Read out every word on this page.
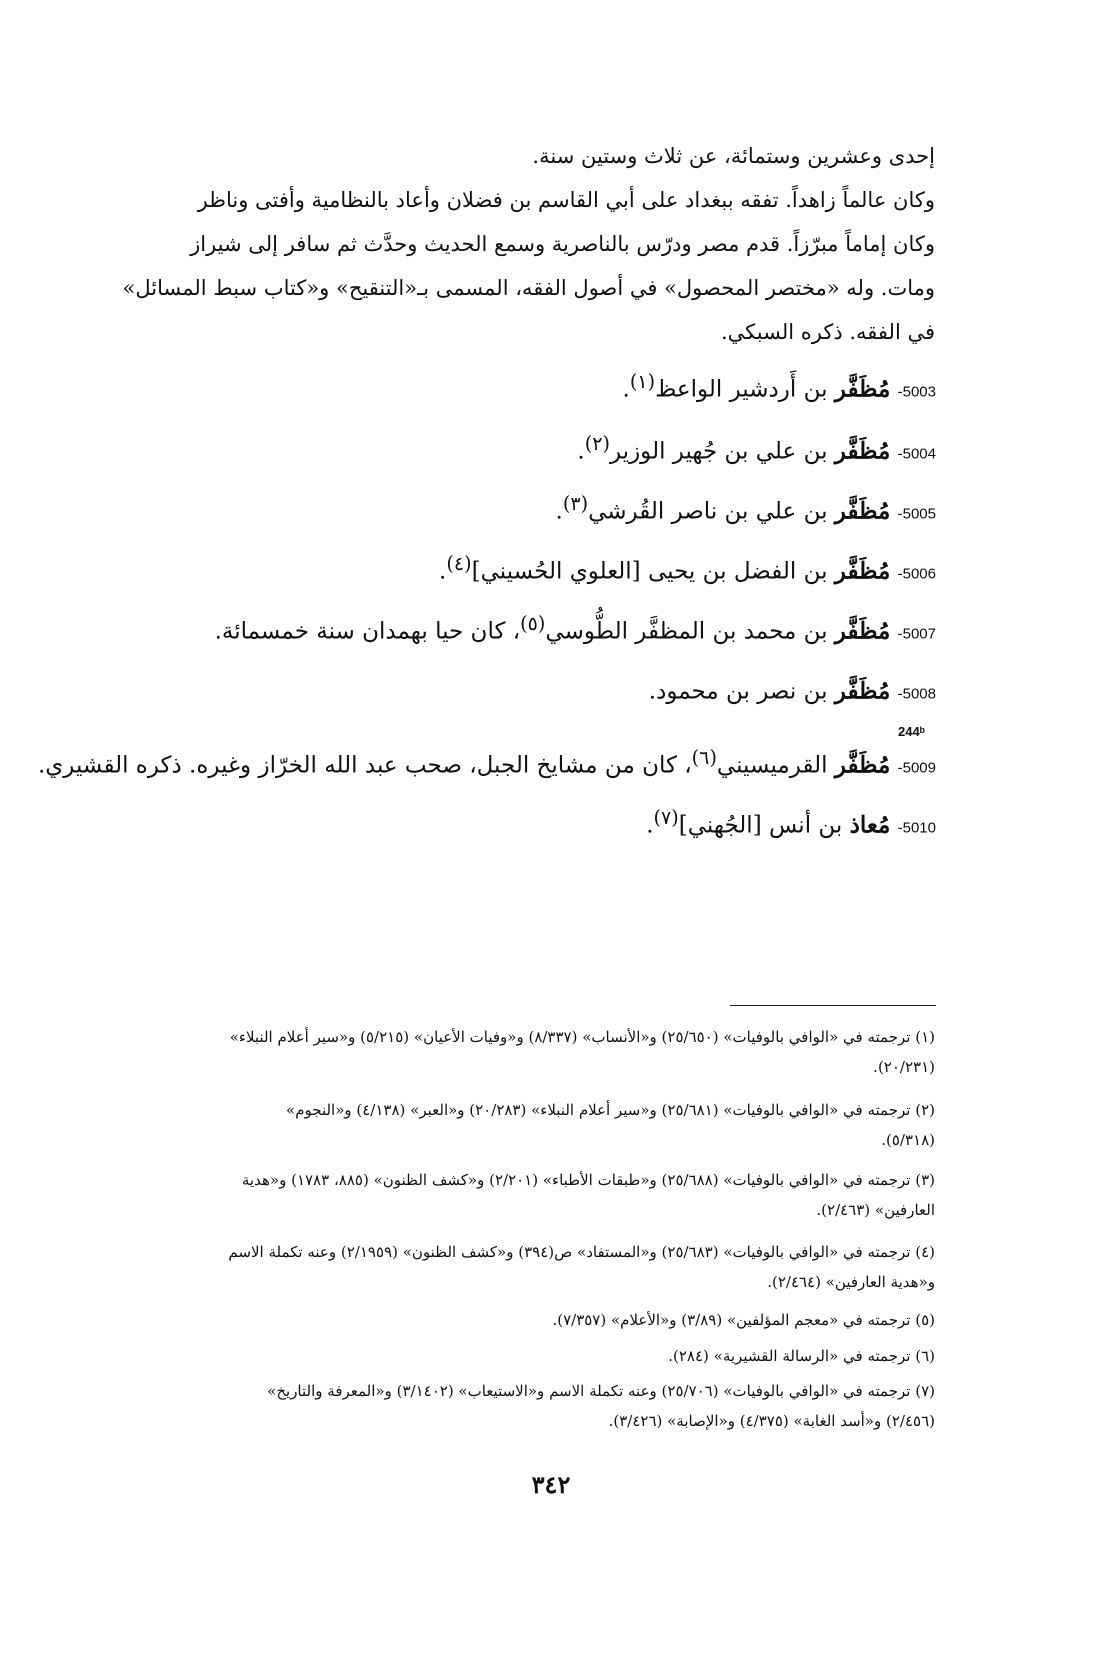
إحدى وعشرين وستمائة، عن ثلاث وستين سنة.
وكان عالماً زاهداً. تفقه ببغداد على أبي القاسم بن فضلان وأعاد بالنظامية وأفتى وناظر
وكان إماماً مبرّزاً. قدم مصر ودرّس بالناصرية وسمع الحديث وحدَّث ثم سافر إلى شيراز
ومات. وله «مختصر المحصول» في أصول الفقه، المسمى بـ«التنقيح» و«كتاب سبط المسائل»
في الفقه. ذكره السبكي.
5003- مُظَفَّر بن أَردشير الواعظ$^{(١)}$.
5004- مُظَفَّر بن علي بن جُهير الوزير$^{(٢)}$.
5005- مُظَفَّر بن علي بن ناصر القُرشي$^{(٣)}$.
5006- مُظَفَّر بن الفضل بن يحيى [العلوي الحُسيني]$^{(٤)}$.
5007- مُظَفَّر بن محمد بن المظفَّر الطُّوسي$^{(٥)}$، كان حيا بهمدان سنة خمسمائة.
5008- مُظَفَّر بن نصر بن محمود.
244ᵇ
5009- مُظَفَّر القرميسيني$^{(٦)}$، كان من مشايخ الجبل، صحب عبد الله الخرّاز وغيره. ذكره القشيري.
5010- مُعاذ بن أنس [الجُهني]$^{(٧)}$.
(١) ترجمته في «الوافي بالوفيات» (٢٥/٦٥٠) و«الأنساب» (٨/٣٣٧) و«وفيات الأعيان» (٥/٢١٥) و«سير أعلام النبلاء»
(٢٠/٢٣١).
(٢) ترجمته في «الوافي بالوفيات» (٢٥/٦٨١) و«سير أعلام النبلاء» (٢٠/٢٨٣) و«العبر» (٤/١٣٨) و«النجوم»
(٥/٣١٨).
(٣) ترجمته في «الوافي بالوفيات» (٢٥/٦٨٨) و«طبقات الأطباء» (٢/٢٠١) و«كشف الظنون» (٨٨٥، ١٧٨٣) و«هدية
العارفين» (٢/٤٦٣).
(٤) ترجمته في «الوافي بالوفيات» (٢٥/٦٨٣) و«المستفاد» ص(٣٩٤) و«كشف الظنون» (٢/١٩٥٩) وعنه تكملة الاسم
و«هدية العارفين» (٢/٤٦٤).
(٥) ترجمته في «معجم المؤلفين» (٣/٨٩) و«الأعلام» (٧/٣٥٧).
(٦) ترجمته في «الرسالة القشيرية» (٢٨٤).
(٧) ترجمته في «الوافي بالوفيات» (٢٥/٧٠٦) وعنه تكملة الاسم و«الاستيعاب» (٣/١٤٠٢) و«المعرفة والتاريخ»
(٢/٤٥٦) و«أسد الغابة» (٤/٣٧٥) و«الإصابة» (٣/٤٢٦).
٣٤٢
